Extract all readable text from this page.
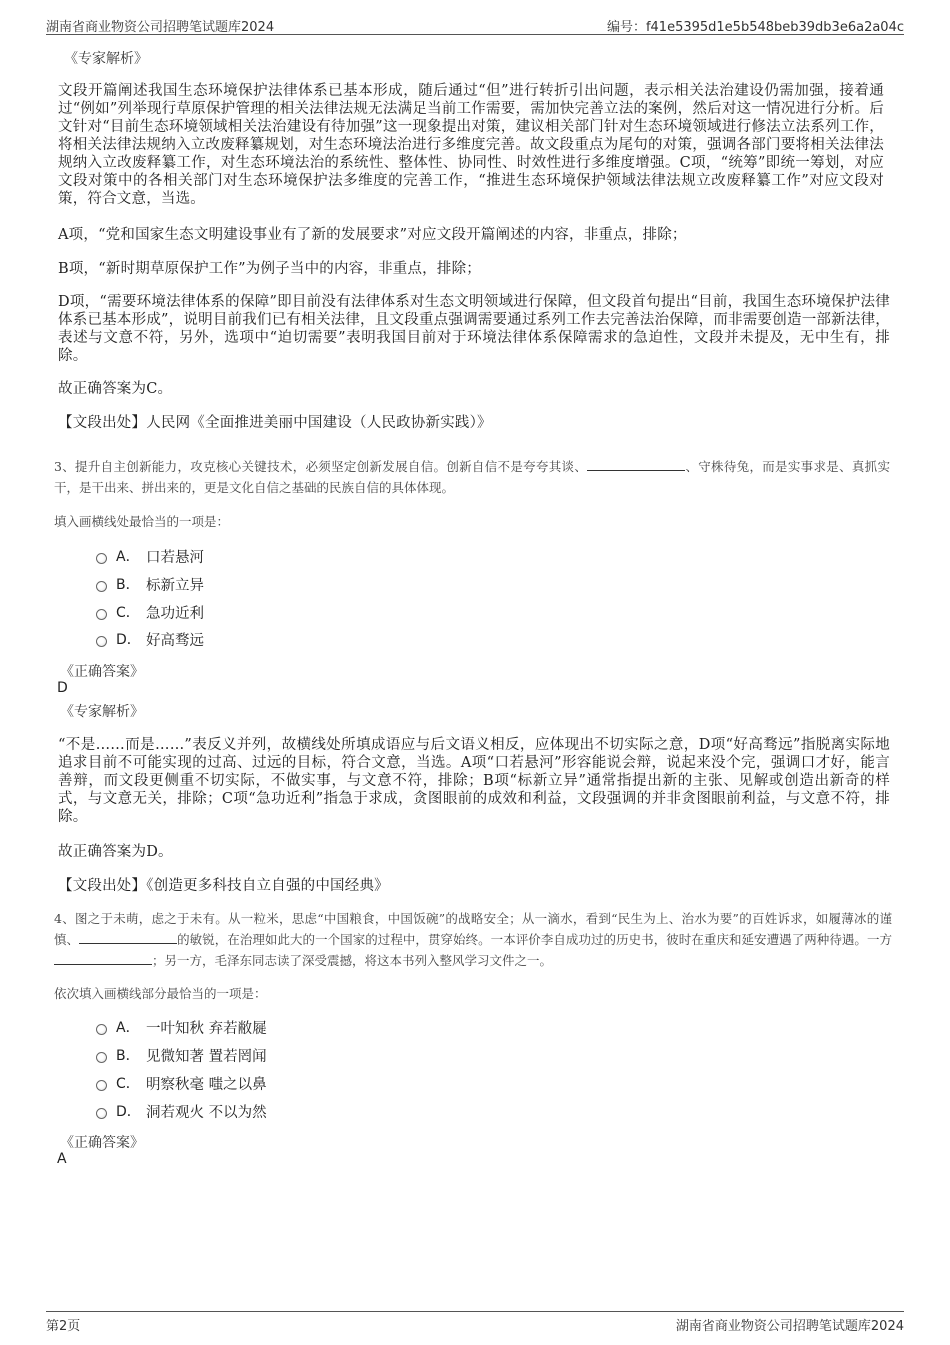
湖南省商业物资公司招聘笔试题库2024	编号：f41e5395d1e5b548beb39db3e6a2a04c
《专家解析》
文段开篇阐述我国生态环境保护法律体系已基本形成，随后通过“但”进行转折引出问题，表示相关法治建设仍需加强，接着通过“例如”列举现行草原保护管理的相关法律法规无法满足当前工作需要，需加快完善立法的案例，然后对这一情况进行分析。后文针对“目前生态环境领域相关法治建设有待加强”这一现象提出对策，建议相关部门针对生态环境领域进行修法立法系列工作，将相关法律法规纳入立改废释纂规划，对生态环境法治进行多维度完善。故文段重点为尾句的对策，强调各部门要将相关法律法规纳入立改废释纂工作，对生态环境法治的系统性、整体性、协同性、时效性进行多维度增强。C项，“统筹”即统一筹划，对应文段对策中的各相关部门对生态环境保护法多维度的完善工作，“推进生态环境保护领域法律法规立改废释纂工作”对应文段对策，符合文意，当选。
A项，“党和国家生态文明建设事业有了新的发展要求”对应文段开篇阐述的内容，非重点，排除；
B项，“新时期草原保护工作”为例子当中的内容，非重点，排除；
D项，“需要环境法律体系的保障”即目前没有法律体系对生态文明领域进行保障，但文段首句提出“目前，我国生态环境保护法律体系已基本形成”，说明目前我们已有相关法律，且文段重点强调需要通过系列工作去完善法治保障，而非需要创造一部新法律，表述与文意不符，另外，选项中“迫切需要”表明我国目前对于环境法律体系保障需求的急迫性，文段并未提及，无中生有，排除。
故正确答案为C。
【文段出处】人民网《全面推进美丽中国建设（人民政协新实践）》
3、提升自主创新能力，攻克核心关键技术，必须坚定创新发展自信。创新自信不是夸夸其谈、	、守株待兔，而是实事求是、真抓实干，是干出来、拼出来的，更是文化自信之基础的民族自信的具体体现。
填入画横线处最恰当的一项是：
A． 口若悬河
B． 标新立异
C． 急功近利
D． 好高骛远
《正确答案》
D
《专家解析》
“不是……而是……”表反义并列，故横线处所填成语应与后文语义相反，应体现出不切实际之意，D项“好高骛远”指脱离实际地追求目前不可能实现的过高、过远的目标，符合文意，当选。A项“口若悬河”形容能说会辩，说起来没个完，强调口才好，能言善辩，而文段更侧重不切实际，不做实事，与文意不符，排除；B项“标新立异”通常指提出新的主张、见解或创造出新奇的样式，与文意无关，排除；C项“急功近利”指急于求成，贪图眼前的成效和利益，文段强调的并非贪图眼前利益，与文意不符，排除。
故正确答案为D。
【文段出处】《创造更多科技自立自强的中国经典》
4、图之于未萌，虑之于未有。从一粒米，思虑“中国粮食，中国饭碗”的战略安全；从一滴水，看到“民生为上、治水为要”的百姓诉求，如履薄冰的谨慎、	的敏锐，在治理如此大的一个国家的过程中，贯穿始终。一本评价李自成功过的历史书，彼时在重庆和延安遭遇了两种待遇。一方；另一方，毛泽东同志读了深受震撼，将这本书列入整风学习文件之一。
依次填入画横线部分最恰当的一项是：
A． 一叶知秋 弃若敝屣
B． 见微知著 置若罔闻
C． 明察秋毫 嗤之以鼻
D． 洞若观火 不以为然
《正确答案》
A
第2页	湖南省商业物资公司招聘笔试题库2024
